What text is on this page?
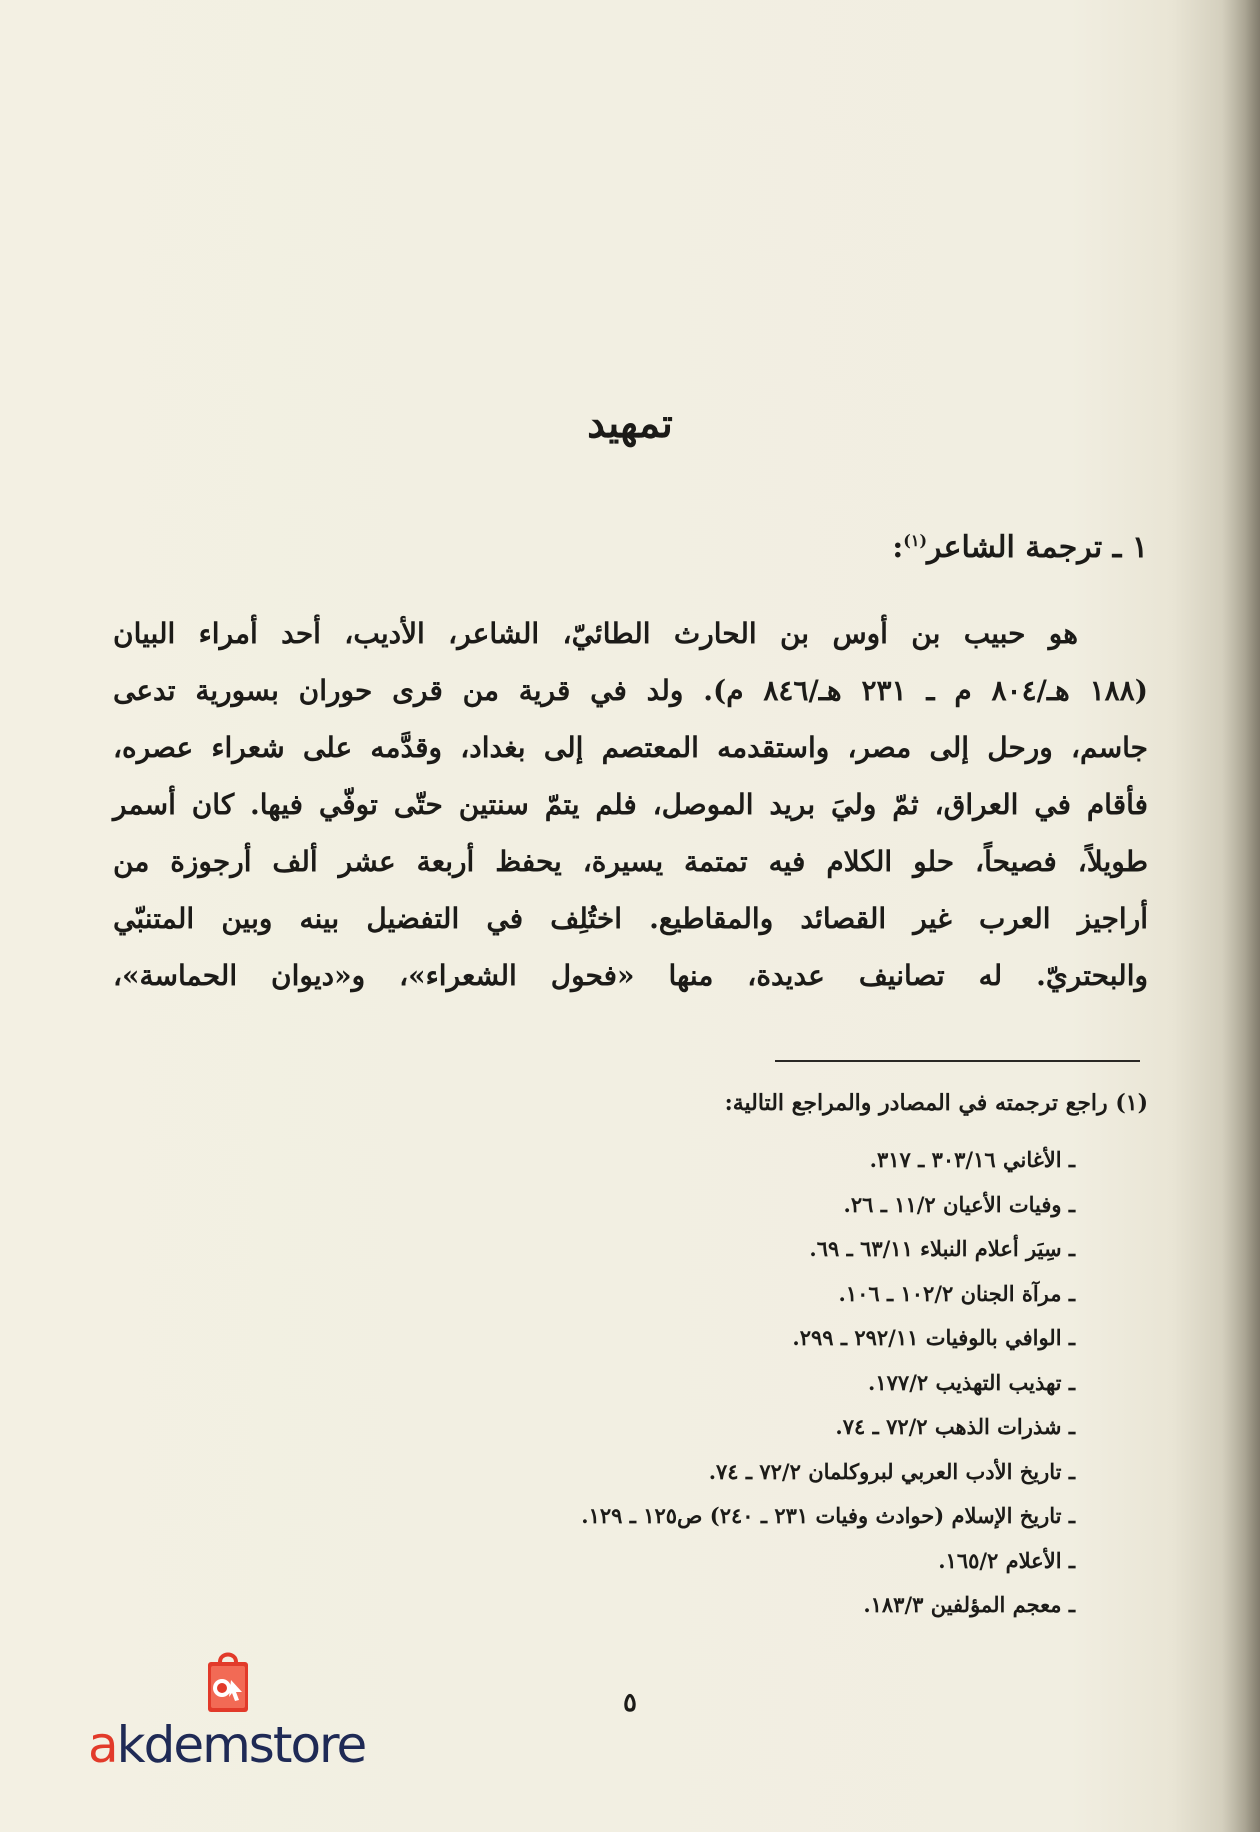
تمهيد
١ ـ ترجمة الشاعر$^{(١)}$:
هو حبيب بن أوس بن الحارث الطائيّ، الشاعر، الأديب، أحد أمراء البيان
(١٨٨ هـ/٨٠٤ م ـ ٢٣١ هـ/٨٤٦ م). ولد في قرية من قرى حوران بسورية تدعى
جاسم، ورحل إلى مصر، واستقدمه المعتصم إلى بغداد، وقدَّمه على شعراء عصره،
فأقام في العراق، ثمّ وليَ بريد الموصل، فلم يتمّ سنتين حتّى توفّي فيها. كان أسمر
طويلاً، فصيحاً، حلو الكلام فيه تمتمة يسيرة، يحفظ أربعة عشر ألف أرجوزة من
أراجيز العرب غير القصائد والمقاطيع. اختُلِف في التفضيل بينه وبين المتنبّي
والبحتريّ. له تصانيف عديدة، منها «فحول الشعراء»، و«ديوان الحماسة»،
(١) راجع ترجمته في المصادر والمراجع التالية:
ـ الأغاني ٣٠٣/١٦ ـ ٣١٧.
ـ وفيات الأعيان ١١/٢ ـ ٢٦.
ـ سِيَر أعلام النبلاء ٦٣/١١ ـ ٦٩.
ـ مرآة الجنان ١٠٢/٢ ـ ١٠٦.
ـ الوافي بالوفيات ٢٩٢/١١ ـ ٢٩٩.
ـ تهذيب التهذيب ١٧٧/٢.
ـ شذرات الذهب ٧٢/٢ ـ ٧٤.
ـ تاريخ الأدب العربي لبروكلمان ٧٢/٢ ـ ٧٤.
ـ تاريخ الإسلام (حوادث وفيات ٢٣١ ـ ٢٤٠) ص١٢٥ ـ ١٢٩.
ـ الأعلام ١٦٥/٢.
ـ معجم المؤلفين ١٨٣/٣.
٥
akdemstore
